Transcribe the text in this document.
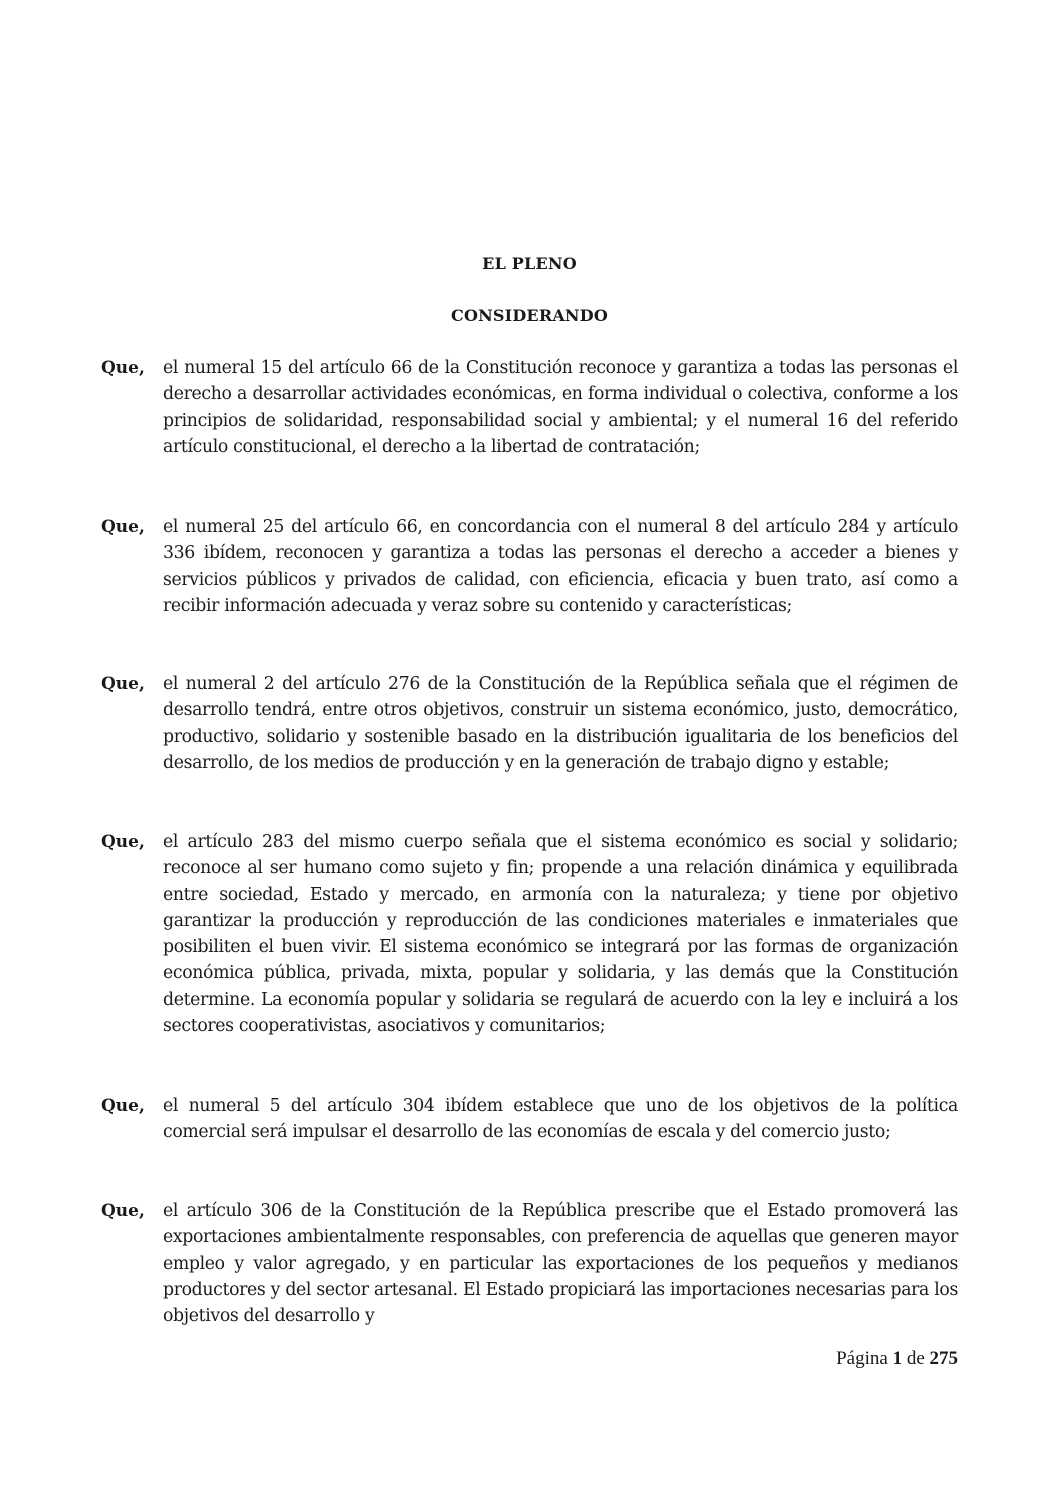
EL PLENO
CONSIDERANDO
Que, el numeral 15 del artículo 66 de la Constitución reconoce y garantiza a todas las personas el derecho a desarrollar actividades económicas, en forma individual o colectiva, conforme a los principios de solidaridad, responsabilidad social y ambiental; y el numeral 16 del referido artículo constitucional, el derecho a la libertad de contratación;

Que, el numeral 25 del artículo 66, en concordancia con el numeral 8 del artículo 284 y artículo 336 ibídem, reconocen y garantiza a todas las personas el derecho a acceder a bienes y servicios públicos y privados de calidad, con eficiencia, eficacia y buen trato, así como a recibir información adecuada y veraz sobre su contenido y características;

Que, el numeral 2 del artículo 276 de la Constitución de la República señala que el régimen de desarrollo tendrá, entre otros objetivos, construir un sistema económico, justo, democrático, productivo, solidario y sostenible basado en la distribución igualitaria de los beneficios del desarrollo, de los medios de producción y en la generación de trabajo digno y estable;

Que, el artículo 283 del mismo cuerpo señala que el sistema económico es social y solidario; reconoce al ser humano como sujeto y fin; propende a una relación dinámica y equilibrada entre sociedad, Estado y mercado, en armonía con la naturaleza; y tiene por objetivo garantizar la producción y reproducción de las condiciones materiales e inmateriales que posibiliten el buen vivir. El sistema económico se integrará por las formas de organización económica pública, privada, mixta, popular y solidaria, y las demás que la Constitución determine. La economía popular y solidaria se regulará de acuerdo con la ley e incluirá a los sectores cooperativistas, asociativos y comunitarios;

Que, el numeral 5 del artículo 304 ibídem establece que uno de los objetivos de la política comercial será impulsar el desarrollo de las economías de escala y del comercio justo;

Que, el artículo 306 de la Constitución de la República prescribe que el Estado promoverá las exportaciones ambientalmente responsables, con preferencia de aquellas que generen mayor empleo y valor agregado, y en particular las exportaciones de los pequeños y medianos productores y del sector artesanal. El Estado propiciará las importaciones necesarias para los objetivos del desarrollo y

Página 1 de 275
